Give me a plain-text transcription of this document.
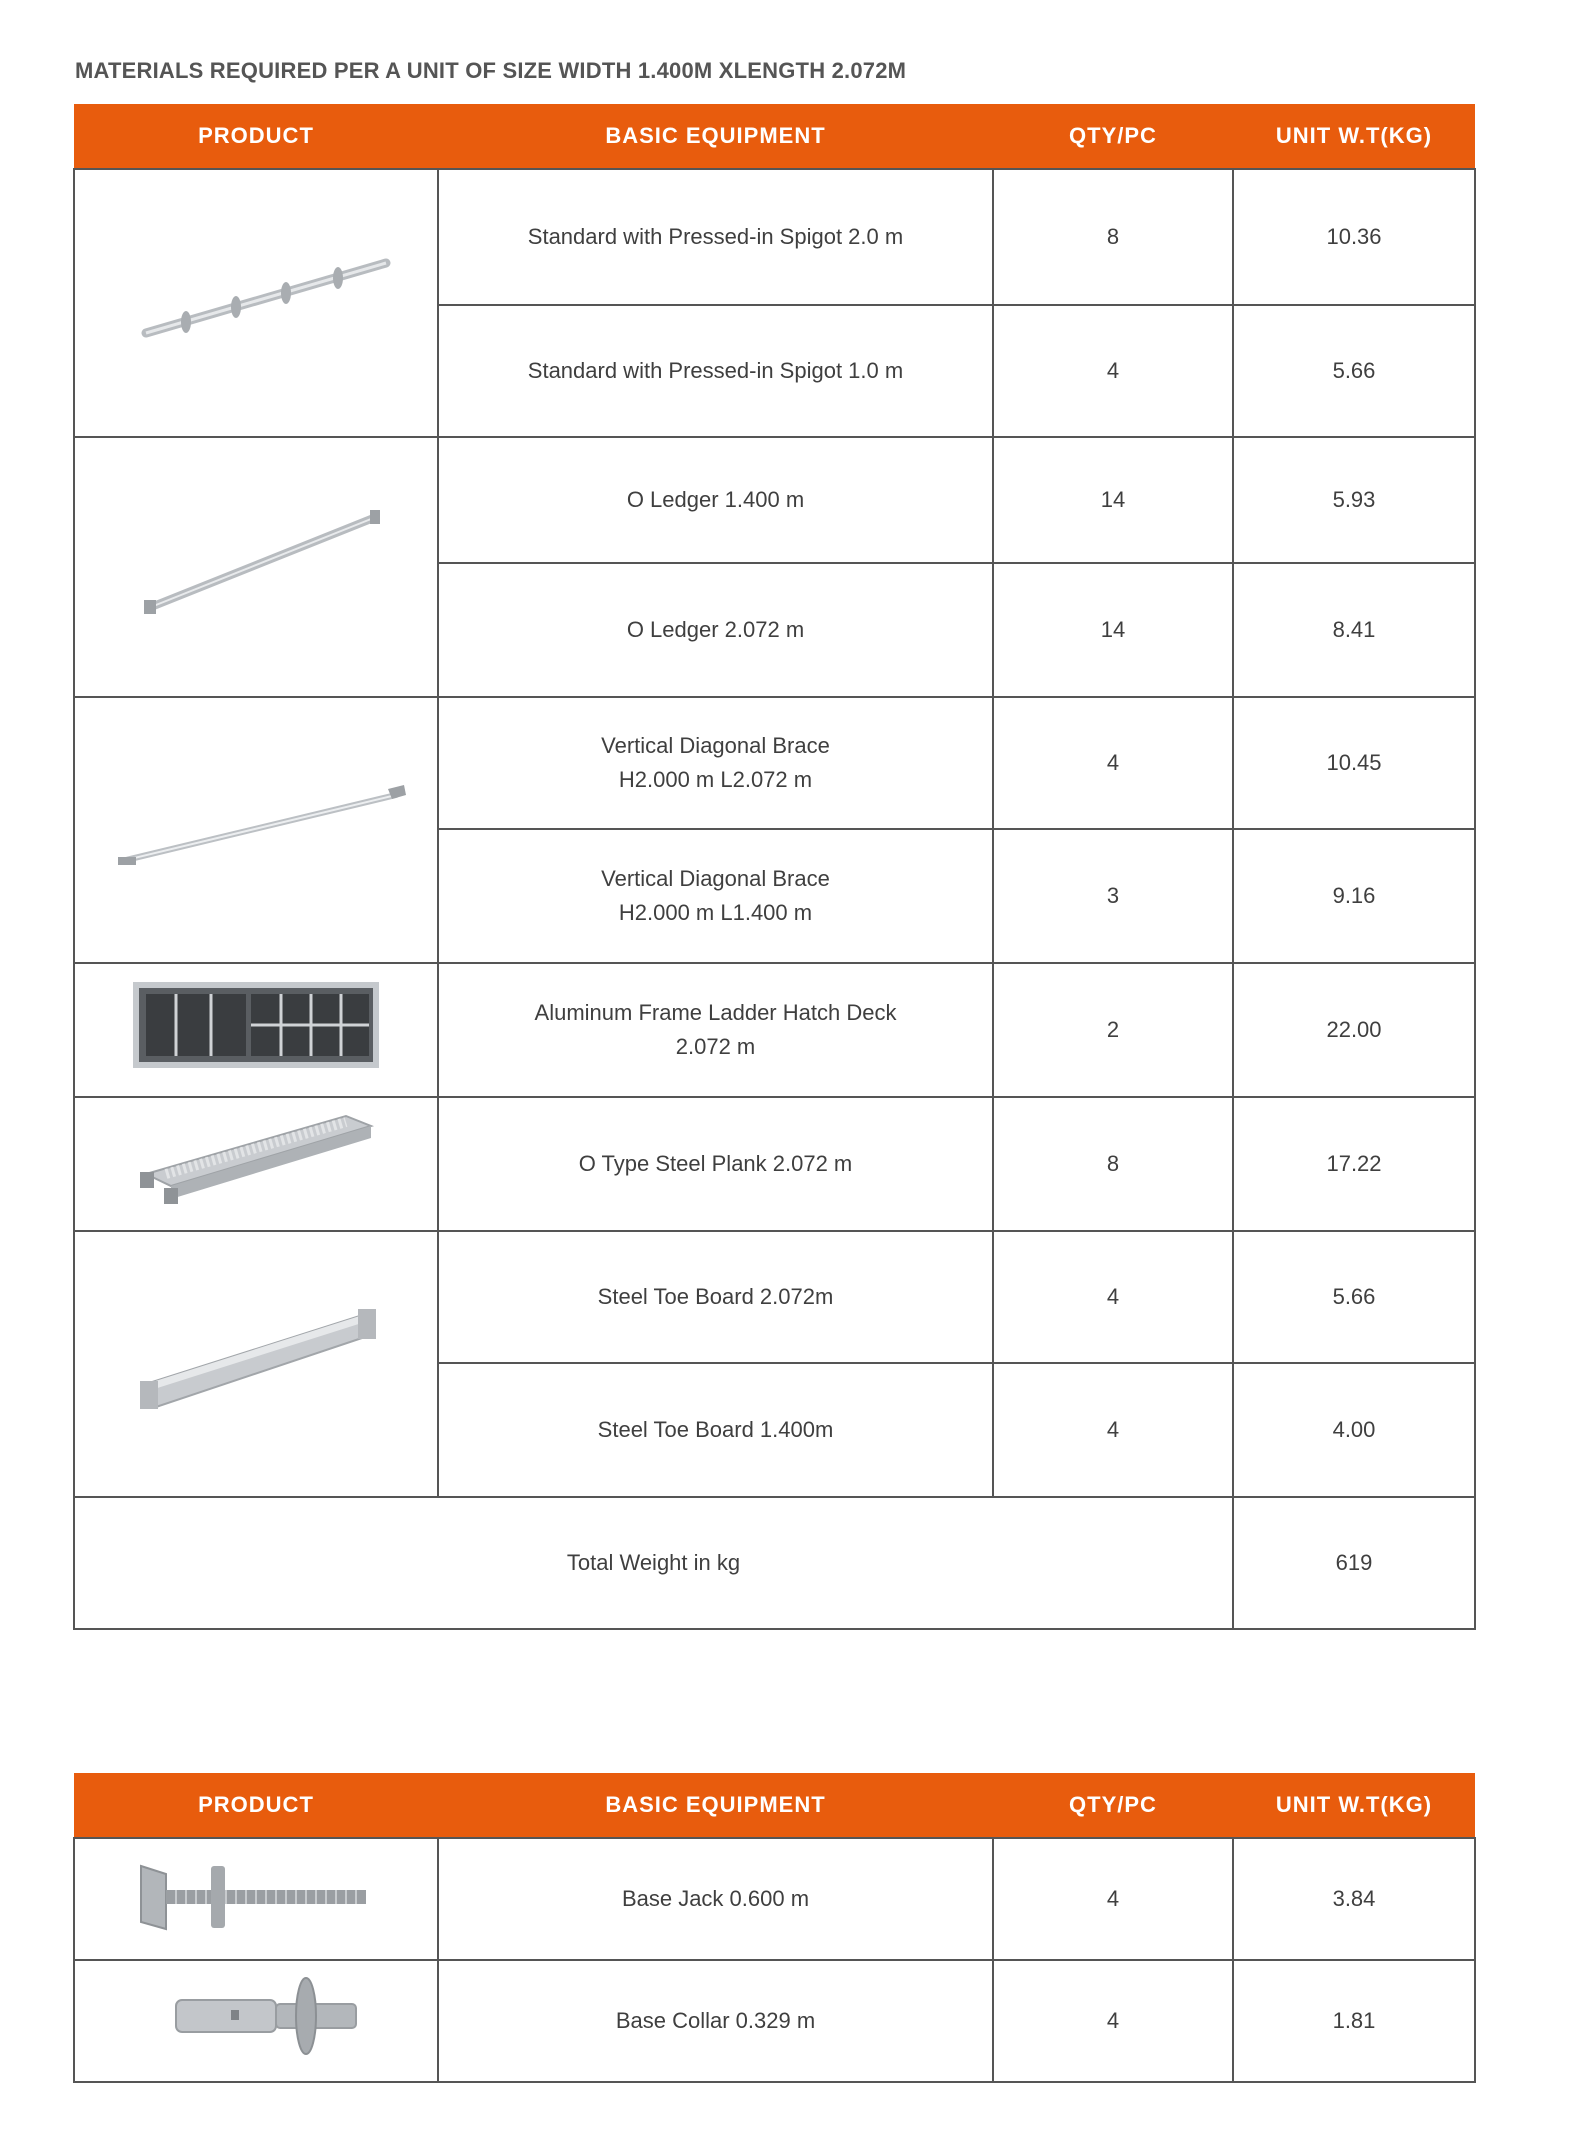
MATERIALS REQUIRED PER A UNIT OF SIZE WIDTH 1.400M XLENGTH 2.072M
PRODUCT	BASIC EQUIPMENT	QTY/PC	UNIT W.T(KG)
	Standard with Pressed-in Spigot 2.0 m	8	10.36
	Standard with Pressed-in Spigot 1.0 m	4	5.66
	O Ledger 1.400 m	14	5.93
	O Ledger 2.072 m	14	8.41

Vertical Diagonal Brace
H2.000 m L2.072 m	4	10.45

	Vertical Diagonal Brace
H2.000 m L1.400 m	3	9.16

Aluminum Frame Ladder Hatch Deck
2.072 m	2	22.00
	O Type Steel Plank 2.072 m	8	17.22
	Steel Toe Board 2.072m	4	5.66
	Steel Toe Board 1.400m	4	4.00
Total Weight in kg			619
PRODUCT	BASIC EQUIPMENT	QTY/PC	UNIT W.T(KG)
	Base Jack 0.600 m	4	3.84
	Base Collar 0.329 m	4	1.81
